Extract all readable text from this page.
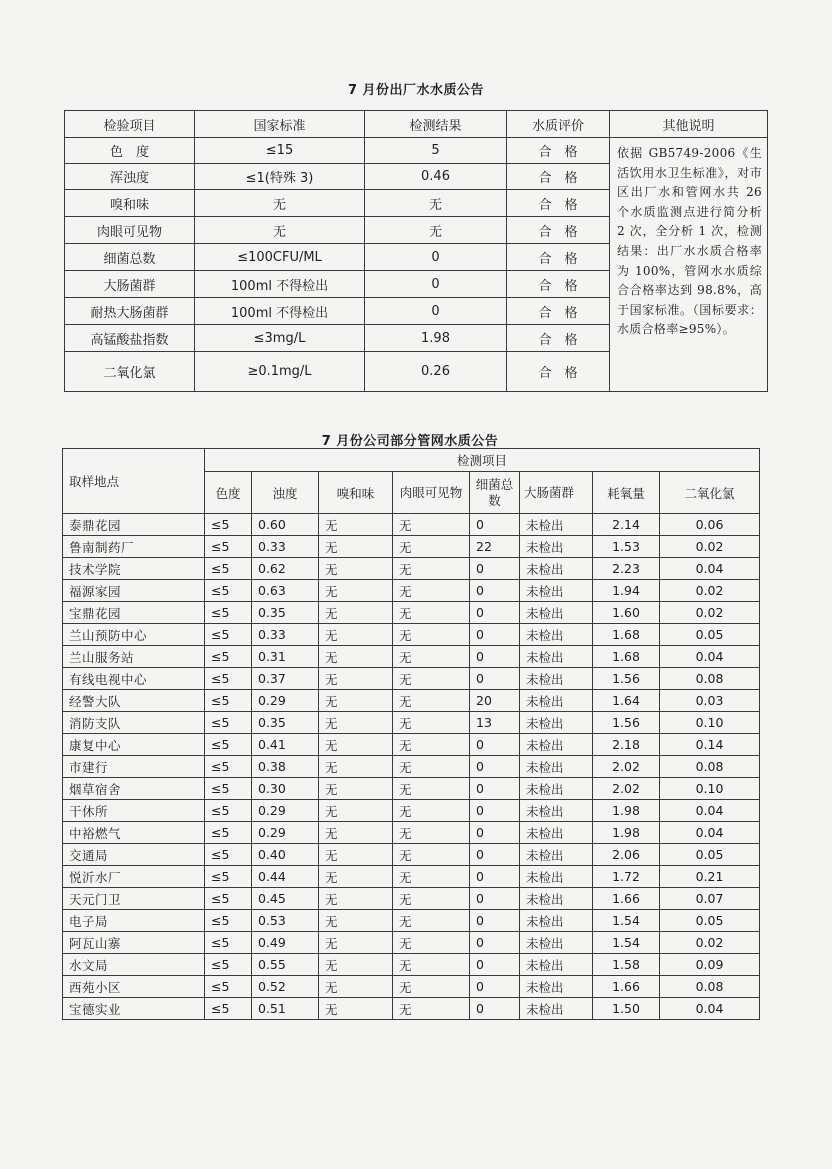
7 月份出厂水水质公告
检验项目	国家标准	检测结果	水质评价	其他说明
色　度	≤15	5	合　格	依据 GB5749-2006《生活饮用水卫生标准》，对市区出厂水和管网水共 26 个水质监测点进行简分析 2 次，全分析 1 次，检测结果：出厂水水质合格率为 100%，管网水水质综合合格率达到 98.8%，高于国家标准。（国标要求：水质合格率≥95%）。
浑浊度	≤1(特殊 3)	0.46	合　格	
嗅和味	无	无	合　格	
肉眼可见物	无	无	合　格	
细菌总数	≤100CFU/ML	0	合　格	
大肠菌群	100ml 不得检出	0	合　格	
耐热大肠菌群	100ml 不得检出	0	合　格	
高锰酸盐指数	≤3mg/L	1.98	合　格	
二氧化氯	≥0.1mg/L	0.26	合　格	
7 月份公司部分管网水质公告
取样地点	检测项目							
	色度	浊度	嗅和味	肉眼可见物	细菌总数	大肠菌群	耗氧量	二氧化氯
泰鼎花园	≤5	0.60	无	无	0	未检出	2.14	0.06
鲁南制药厂	≤5	0.33	无	无	22	未检出	1.53	0.02
技术学院	≤5	0.62	无	无	0	未检出	2.23	0.04
福源家园	≤5	0.63	无	无	0	未检出	1.94	0.02
宝鼎花园	≤5	0.35	无	无	0	未检出	1.60	0.02
兰山预防中心	≤5	0.33	无	无	0	未检出	1.68	0.05
兰山服务站	≤5	0.31	无	无	0	未检出	1.68	0.04
有线电视中心	≤5	0.37	无	无	0	未检出	1.56	0.08
经警大队	≤5	0.29	无	无	20	未检出	1.64	0.03
消防支队	≤5	0.35	无	无	13	未检出	1.56	0.10
康复中心	≤5	0.41	无	无	0	未检出	2.18	0.14
市建行	≤5	0.38	无	无	0	未检出	2.02	0.08
烟草宿舍	≤5	0.30	无	无	0	未检出	2.02	0.10
干休所	≤5	0.29	无	无	0	未检出	1.98	0.04
中裕燃气	≤5	0.29	无	无	0	未检出	1.98	0.04
交通局	≤5	0.40	无	无	0	未检出	2.06	0.05
悦沂水厂	≤5	0.44	无	无	0	未检出	1.72	0.21
天元门卫	≤5	0.45	无	无	0	未检出	1.66	0.07
电子局	≤5	0.53	无	无	0	未检出	1.54	0.05
阿瓦山寨	≤5	0.49	无	无	0	未检出	1.54	0.02
水文局	≤5	0.55	无	无	0	未检出	1.58	0.09
西苑小区	≤5	0.52	无	无	0	未检出	1.66	0.08
宝德实业	≤5	0.51	无	无	0	未检出	1.50	0.04
